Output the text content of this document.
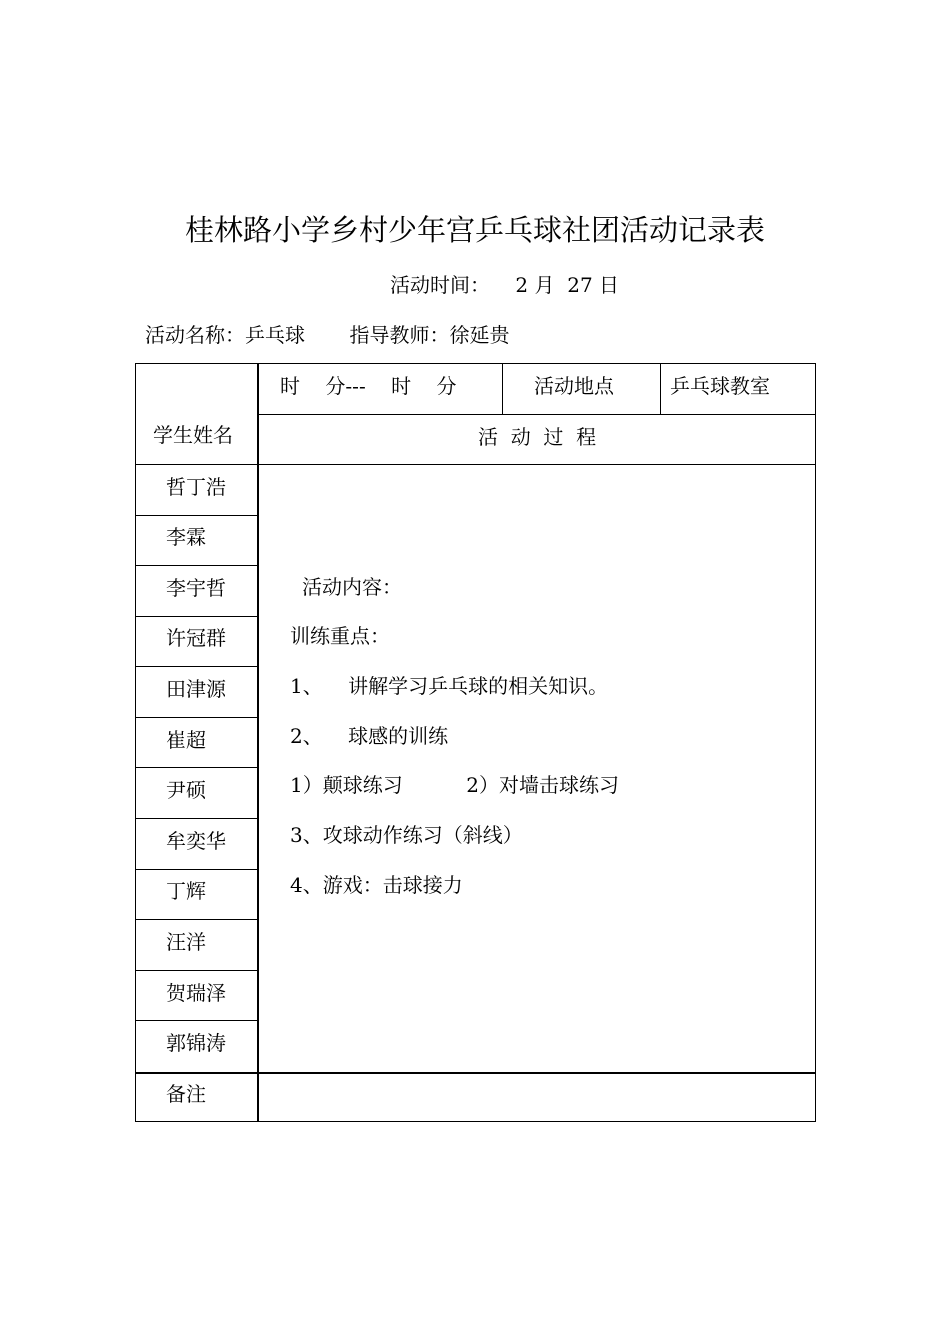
桂林路小学乡村少年宫乒乓球社团活动记录表
活动时间：    2 月  27 日
活动名称：乒乓球       指导教师：徐延贵
时    分---    时    分	活动地点	乒乓球教室
学生姓名	活  动  过  程
哲丁浩
李霖
李宇哲
许冠群
田津源
崔超
尹硕
牟奕华
丁辉
汪洋
贺瑞泽
郭锦涛
备注
活动内容：
训练重点：
1、    讲解学习乒乓球的相关知识。
2、    球感的训练
1）颠球练习          2）对墙击球练习
3、攻球动作练习（斜线）
4、游戏：击球接力
